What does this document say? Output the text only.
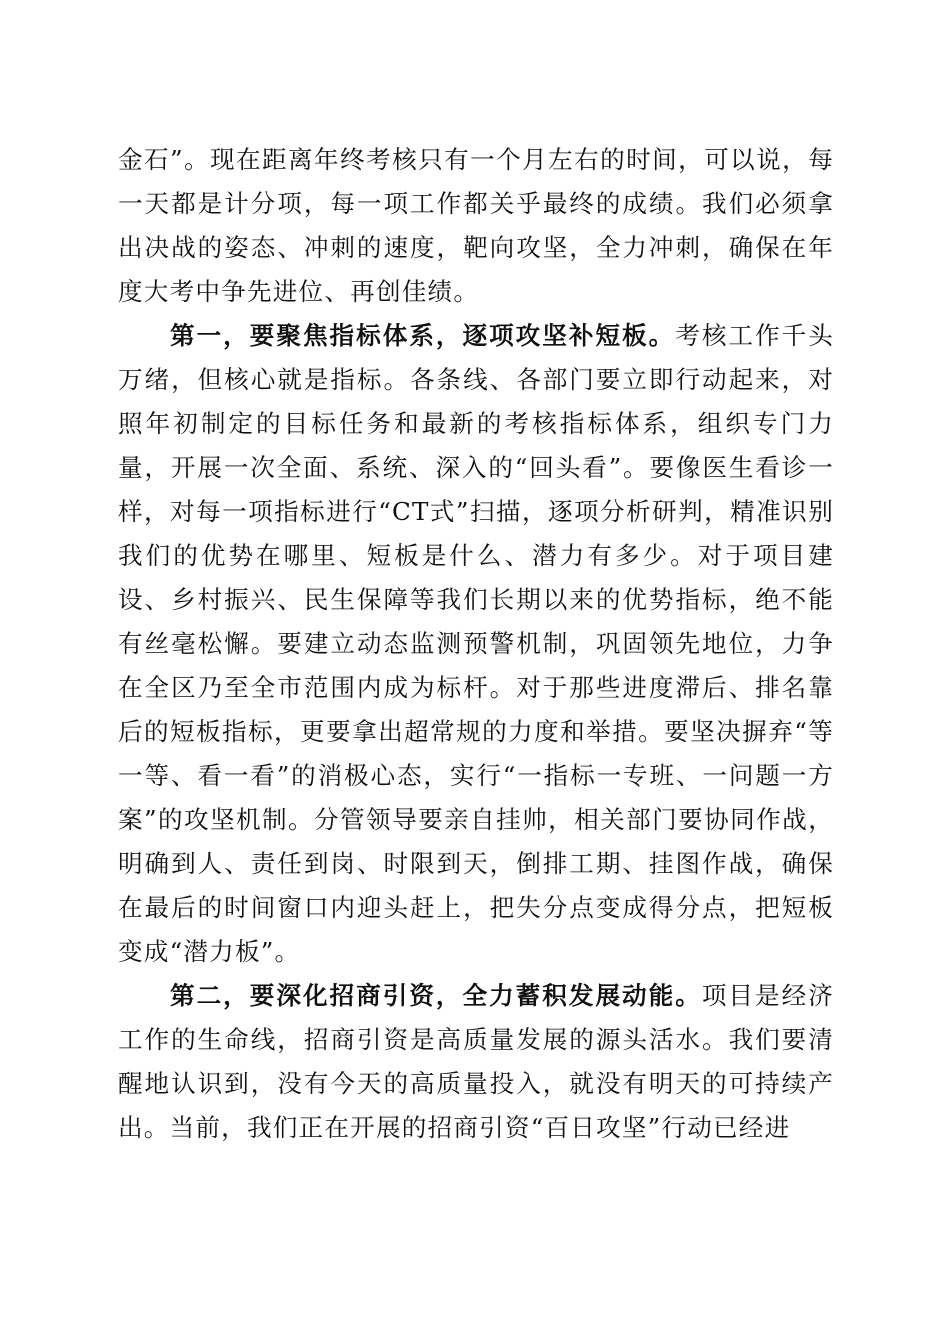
金石”。现在距离年终考核只有一个月左右的时间，可以说，每一天都是计分项，每一项工作都关乎最终的成绩。我们必须拿出决战的姿态、冲刺的速度，靶向攻坚，全力冲刺，确保在年度大考中争先进位、再创佳绩。

第一，要聚焦指标体系，逐项攻坚补短板。考核工作千头万绪，但核心就是指标。各条线、各部门要立即行动起来，对照年初制定的目标任务和最新的考核指标体系，组织专门力量，开展一次全面、系统、深入的“回头看”。要像医生看诊一样，对每一项指标进行“CT式”扫描，逐项分析研判，精准识别我们的优势在哪里、短板是什么、潜力有多少。对于项目建设、乡村振兴、民生保障等我们长期以来的优势指标，绝不能有丝毫松懈。要建立动态监测预警机制，巩固领先地位，力争在全区乃至全市范围内成为标杆。对于那些进度滞后、排名靠后的短板指标，更要拿出超常规的力度和举措。要坚决摒弃“等一等、看一看”的消极心态，实行“一指标一专班、一问题一方案”的攻坚机制。分管领导要亲自挂帅，相关部门要协同作战，明确到人、责任到岗、时限到天，倒排工期、挂图作战，确保在最后的时间窗口内迎头赶上，把失分点变成得分点，把短板变成“潜力板”。

第二，要深化招商引资，全力蓄积发展动能。项目是经济工作的生命线，招商引资是高质量发展的源头活水。我们要清醒地认识到，没有今天的高质量投入，就没有明天的可持续产出。当前，我们正在开展的招商引资“百日攻坚”行动已经进
